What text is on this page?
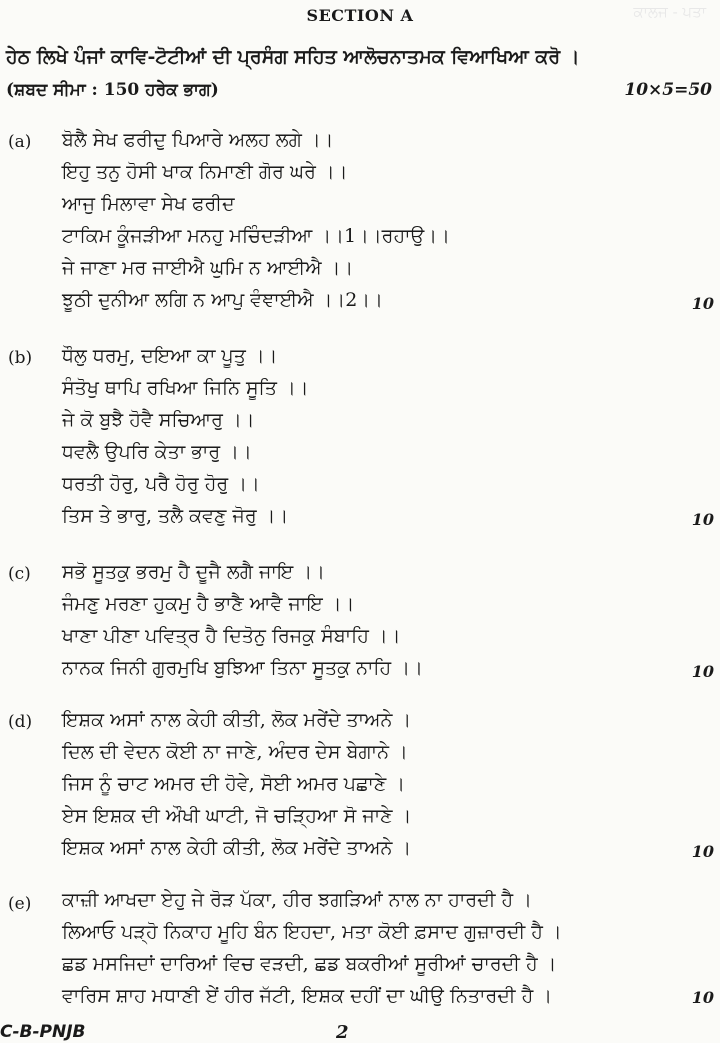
ਕਾਲਜ - ਪਤਾ
SECTION A
ਹੇਠ ਲਿਖੇ ਪੰਜਾਂ ਕਾਵਿ-ਟੋਟੀਆਂ ਦੀ ਪ੍ਰਸੰਗ ਸਹਿਤ ਆਲੋਚਨਾਤਮਕ ਵਿਆਖਿਆ ਕਰੋ ।
(ਸ਼ਬਦ ਸੀਮਾ : 150 ਹਰੇਕ ਭਾਗ)	10×5=50
(a) ਬੋਲੈ ਸੇਖ ਫਰੀਦੁ ਪਿਆਰੇ ਅਲਹ ਲਗੇ ।।
ਇਹੁ ਤਨੁ ਹੋਸੀ ਖਾਕ ਨਿਮਾਣੀ ਗੋਰ ਘਰੇ ।।
ਆਜੁ ਮਿਲਾਵਾ ਸੇਖ ਫਰੀਦ
ਟਾਕਿਮ ਕੂੰਜੜੀਆ ਮਨਹੁ ਮਚਿੰਦੜੀਆ ।।1।।ਰਹਾਉ।।
ਜੇ ਜਾਣਾ ਮਰ ਜਾਈਐ ਘੁਮਿ ਨ ਆਈਐ ।।
ਝੂਠੀ ਦੁਨੀਆ ਲਗਿ ਨ ਆਪੁ ਵੰਞਾਈਐ ।।2।।	10
(b) ਧੌਲੁ ਧਰਮੁ, ਦਇਆ ਕਾ ਪੂਤੁ ।।
ਸੰਤੋਖੁ ਥਾਪਿ ਰਖਿਆ ਜਿਨਿ ਸੂਤਿ ।।
ਜੇ ਕੋ ਬੁਝੈ ਹੋਵੈ ਸਚਿਆਰੁ ।।
ਧਵਲੈ ਉਪਰਿ ਕੇਤਾ ਭਾਰੁ ।।
ਧਰਤੀ ਹੋਰੁ, ਪਰੈ ਹੋਰੁ ਹੋਰੁ ।।
ਤਿਸ ਤੇ ਭਾਰੁ, ਤਲੈ ਕਵਣੁ ਜੋਰੁ ।।	10
(c) ਸਭੋ ਸੂਤਕੁ ਭਰਮੁ ਹੈ ਦੂਜੈ ਲਗੈ ਜਾਇ ।।
ਜੰਮਣੁ ਮਰਣਾ ਹੁਕਮੁ ਹੈ ਭਾਣੈ ਆਵੈ ਜਾਇ ।।
ਖਾਣਾ ਪੀਣਾ ਪਵਿਤ੍ਰ ਹੈ ਦਿਤੋਨੁ ਰਿਜਕੁ ਸੰਬਾਹਿ ।।
ਨਾਨਕ ਜਿਨੀ ਗੁਰਮੁਖਿ ਬੁਝਿਆ ਤਿਨਾ ਸੂਤਕੁ ਨਾਹਿ ।।	10
(d) ਇਸ਼ਕ ਅਸਾਂ ਨਾਲ ਕੇਹੀ ਕੀਤੀ, ਲੋਕ ਮਰੇਂਦੇ ਤਾਅਨੇ ।
ਦਿਲ ਦੀ ਵੇਦਨ ਕੋਈ ਨਾ ਜਾਣੇ, ਅੰਦਰ ਦੇਸ ਬੇਗਾਨੇ ।
ਜਿਸ ਨੂੰ ਚਾਟ ਅਮਰ ਦੀ ਹੋਵੇ, ਸੋਈ ਅਮਰ ਪਛਾਣੇ ।
ਏਸ ਇਸ਼ਕ ਦੀ ਔਖੀ ਘਾਟੀ, ਜੋ ਚੜ੍ਹਿਆ ਸੋ ਜਾਣੇ ।
ਇਸ਼ਕ ਅਸਾਂ ਨਾਲ ਕੇਹੀ ਕੀਤੀ, ਲੋਕ ਮਰੇਂਦੇ ਤਾਅਨੇ ।	10
(e) ਕਾਜ਼ੀ ਆਖਦਾ ਏਹੁ ਜੇ ਰੋੜ ਪੱਕਾ, ਹੀਰ ਝਗੜਿਆਂ ਨਾਲ ਨਾ ਹਾਰਦੀ ਹੈ ।
ਲਿਆਓ ਪੜ੍ਹੋ ਨਿਕਾਹ ਮੂਹਿ ਬੰਨ ਇਹਦਾ, ਮਤਾ ਕੋਈ ਫ਼ਸਾਦ ਗੁਜ਼ਾਰਦੀ ਹੈ ।
ਛਡ ਮਸਜਿਦਾਂ ਦਾਰਿਆਂ ਵਿਚ ਵੜਦੀ, ਛਡ ਬਕਰੀਆਂ ਸੂਰੀਆਂ ਚਾਰਦੀ ਹੈ ।
ਵਾਰਿਸ ਸ਼ਾਹ ਮਧਾਣੀ ਏਂ ਹੀਰ ਜੱਟੀ, ਇਸ਼ਕ ਦਹੀਂ ਦਾ ਘੀਉ ਨਿਤਾਰਦੀ ਹੈ ।	10
C-B-PNJB	2
